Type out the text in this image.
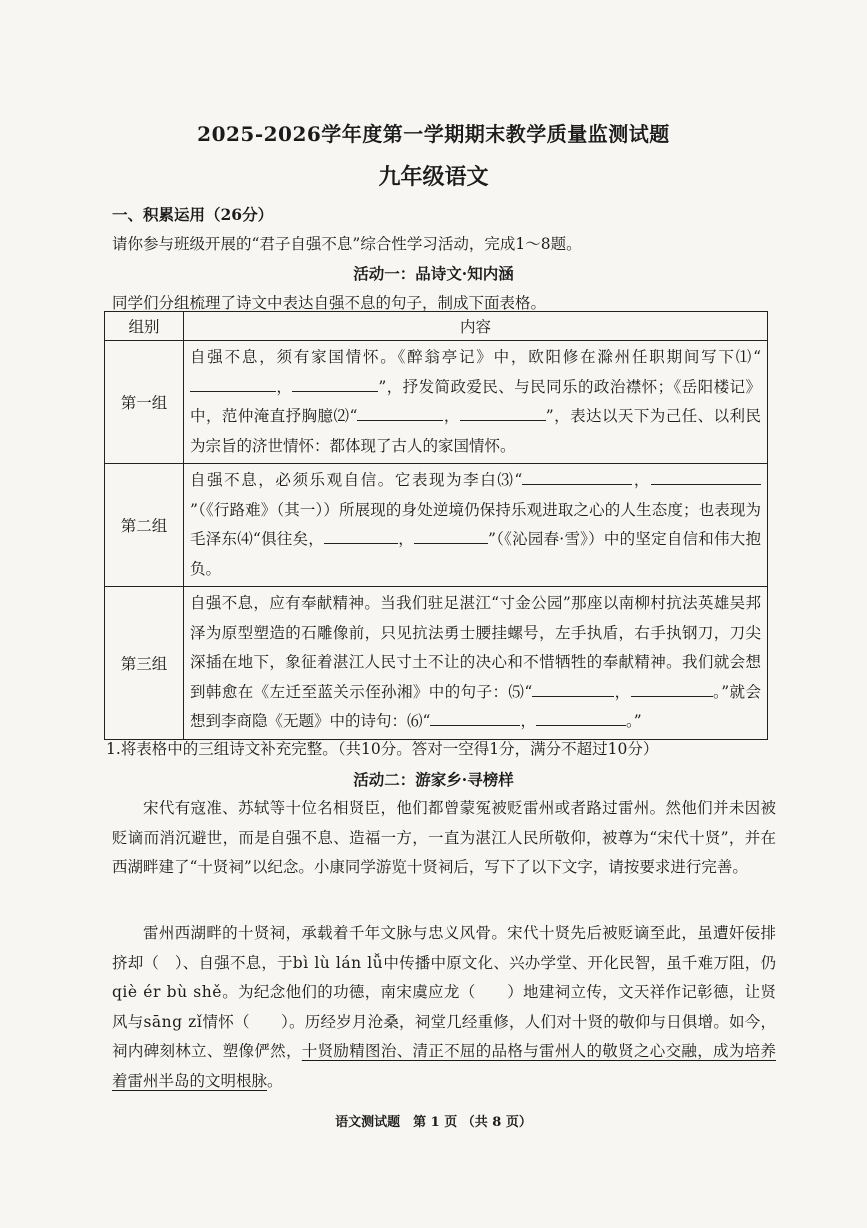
2025-2026学年度第一学期期末教学质量监测试题
九年级语文
一、积累运用（26分）
请你参与班级开展的“君子自强不息”综合性学习活动，完成1～8题。
活动一：品诗文·知内涵
同学们分组梳理了诗文中表达自强不息的句子，制成下面表格。
组别	内容
第一组	自强不息，须有家国情怀。《醉翁亭记》中，欧阳修在滁州任职期间写下⑴“， ”，抒发简政爱民、与民同乐的政治襟怀；《岳阳楼记》中，范仲淹直抒胸臆⑵“ ， ”，表达以天下为己任、以利民为宗旨的济世情怀：都体现了古人的家国情怀。
第二组	自强不息，必须乐观自信。它表现为李白⑶“ ，”（《行路难》（其一））所展现的身处逆境仍保持乐观进取之心的人生态度；也表现为毛泽东⑷“俱往矣， ， ”（《沁园春·雪》）中的坚定自信和伟大抱负。
第三组	自强不息，应有奉献精神。当我们驻足湛江“寸金公园”那座以南柳村抗法英雄吴邦泽为原型塑造的石雕像前，只见抗法勇士腰挂螺号，左手执盾，右手执钢刀，刀尖深插在地下，象征着湛江人民寸土不让的决心和不惜牺牲的奉献精神。我们就会想到韩愈在《左迁至蓝关示侄孙湘》中的句子：⑸“ ， 。”就会想到李商隐《无题》中的诗句：⑹“ ， 。”
1.将表格中的三组诗文补充完整。（共10分。答对一空得1分，满分不超过10分）
活动二：游家乡·寻榜样
宋代有寇准、苏轼等十位名相贤臣，他们都曾蒙冤被贬雷州或者路过雷州。然他们并未因被贬谪而消沉避世，而是自强不息、造福一方，一直为湛江人民所敬仰，被尊为“宋代十贤”，并在西湖畔建了“十贤祠”以纪念。小康同学游览十贤祠后，写下了以下文字，请按要求进行完善。
雷州西湖畔的十贤祠，承载着千年文脉与忠义风骨。宋代十贤先后被贬谪至此，虽遭奸佞排挤却（　）、自强不息，于bì lù lán lǚ中传播中原文化、兴办学堂、开化民智，虽千难万阻，仍qiè ér bù shě。为纪念他们的功德，南宋虞应龙（　　）地建祠立传，文天祥作记彰德，让贤风与sāng zǐ情怀（　　）。历经岁月沧桑，祠堂几经重修，人们对十贤的敬仰与日俱增。如今，祠内碑刻林立、塑像俨然，十贤励精图治、清正不屈的品格与雷州人的敬贤之心交融，成为培养着雷州半岛的文明根脉。
语文测试题　第 1 页 （共 8 页）
